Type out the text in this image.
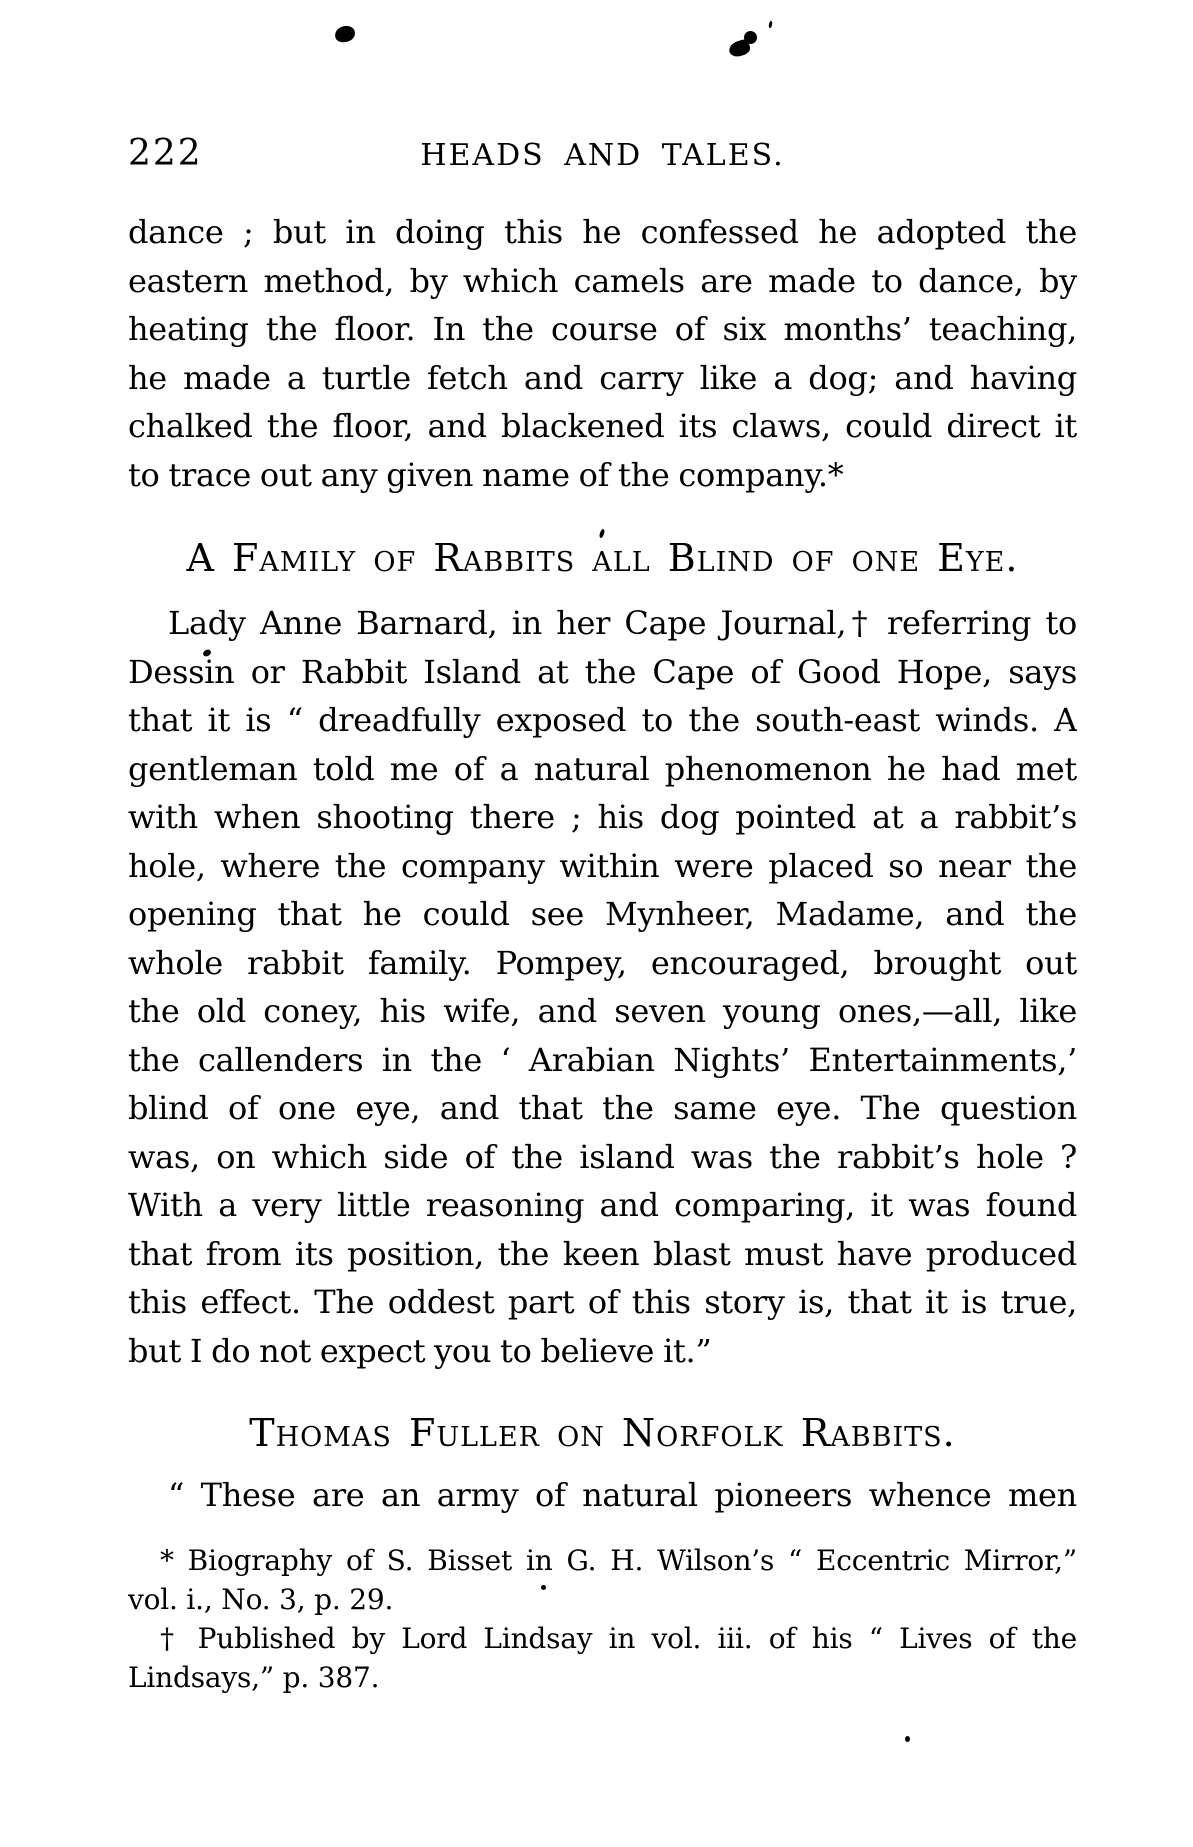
222	HEADS AND TALES.
dance ; but in doing this he confessed he adopted the
eastern method, by which camels are made to dance, by
heating the floor. In the course of six months’ teaching,
he made a turtle fetch and carry like a dog; and having
chalked the floor, and blackened its claws, could direct it
to trace out any given name of the company.*
A Family of Rabbits all Blind of one Eye.
Lady Anne Barnard, in her Cape Journal,† referring to
Dessin or Rabbit Island at the Cape of Good Hope, says
that it is “ dreadfully exposed to the south-east winds. A
gentleman told me of a natural phenomenon he had met
with when shooting there ; his dog pointed at a rabbit’s
hole, where the company within were placed so near the
opening that he could see Mynheer, Madame, and the
whole rabbit family. Pompey, encouraged, brought out
the old coney, his wife, and seven young ones,—all, like
the callenders in the ‘ Arabian Nights’ Entertainments,’
blind of one eye, and that the same eye. The question
was, on which side of the island was the rabbit’s hole ?
With a very little reasoning and comparing, it was found
that from its position, the keen blast must have produced
this effect. The oddest part of this story is, that it is true,
but I do not expect you to believe it.”
Thomas Fuller on Norfolk Rabbits.
“ These are an army of natural pioneers whence men
* Biography of S. Bisset in G. H. Wilson’s “ Eccentric Mirror,”
vol. i., No. 3, p. 29.
† Published by Lord Lindsay in vol. iii. of his “ Lives of the
Lindsays,” p. 387.
